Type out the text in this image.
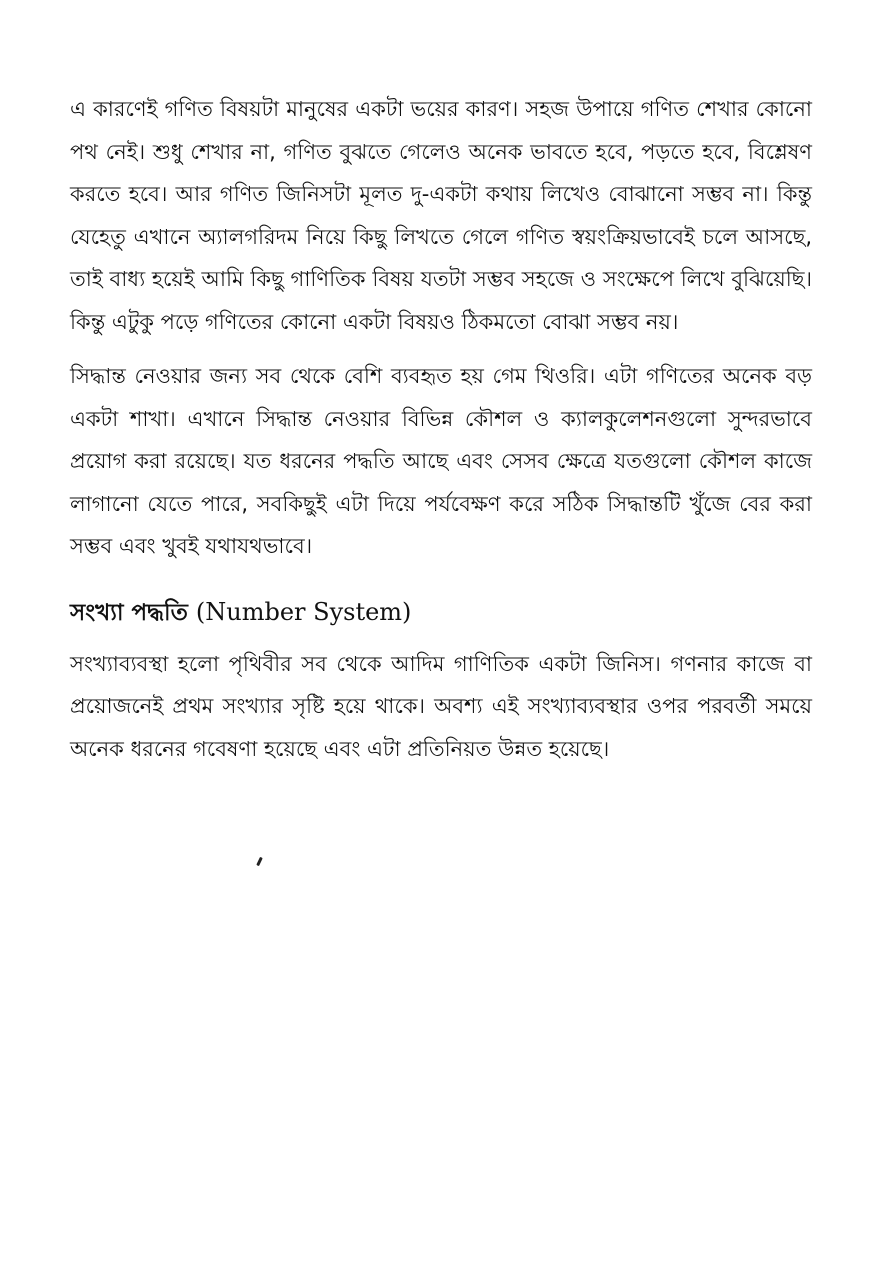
এ কারণেই গণিত বিষয়টা মানুষের একটা ভয়ের কারণ। সহজ উপায়ে গণিত শেখার কোনো পথ নেই। শুধু শেখার না, গণিত বুঝতে গেলেও অনেক ভাবতে হবে, পড়তে হবে, বিশ্লেষণ করতে হবে। আর গণিত জিনিসটা মূলত দু-একটা কথায় লিখেও বোঝানো সম্ভব না। কিন্তু যেহেতু এখানে অ্যালগরিদম নিয়ে কিছু লিখতে গেলে গণিত স্বয়ংক্রিয়ভাবেই চলে আসছে, তাই বাধ্য হয়েই আমি কিছু গাণিতিক বিষয় যতটা সম্ভব সহজে ও সংক্ষেপে লিখে বুঝিয়েছি। কিন্তু এটুকু পড়ে গণিতের কোনো একটা বিষয়ও ঠিকমতো বোঝা সম্ভব নয়।

সিদ্ধান্ত নেওয়ার জন্য সব থেকে বেশি ব্যবহৃত হয় গেম থিওরি। এটা গণিতের অনেক বড় একটা শাখা। এখানে সিদ্ধান্ত নেওয়ার বিভিন্ন কৌশল ও ক্যালকুলেশনগুলো সুন্দরভাবে প্রয়োগ করা রয়েছে। যত ধরনের পদ্ধতি আছে এবং সেসব ক্ষেত্রে যতগুলো কৌশল কাজে লাগানো যেতে পারে, সবকিছুই এটা দিয়ে পর্যবেক্ষণ করে সঠিক সিদ্ধান্তটি খুঁজে বের করা সম্ভব এবং খুবই যথাযথভাবে।

সংখ্যা পদ্ধতি (Number System)

সংখ্যাব্যবস্থা হলো পৃথিবীর সব থেকে আদিম গাণিতিক একটা জিনিস। গণনার কাজে বা প্রয়োজনেই প্রথম সংখ্যার সৃষ্টি হয়ে থাকে। অবশ্য এই সংখ্যাব্যবস্থার ওপর পরবর্তী সময়ে অনেক ধরনের গবেষণা হয়েছে এবং এটা প্রতিনিয়ত উন্নত হয়েছে।
